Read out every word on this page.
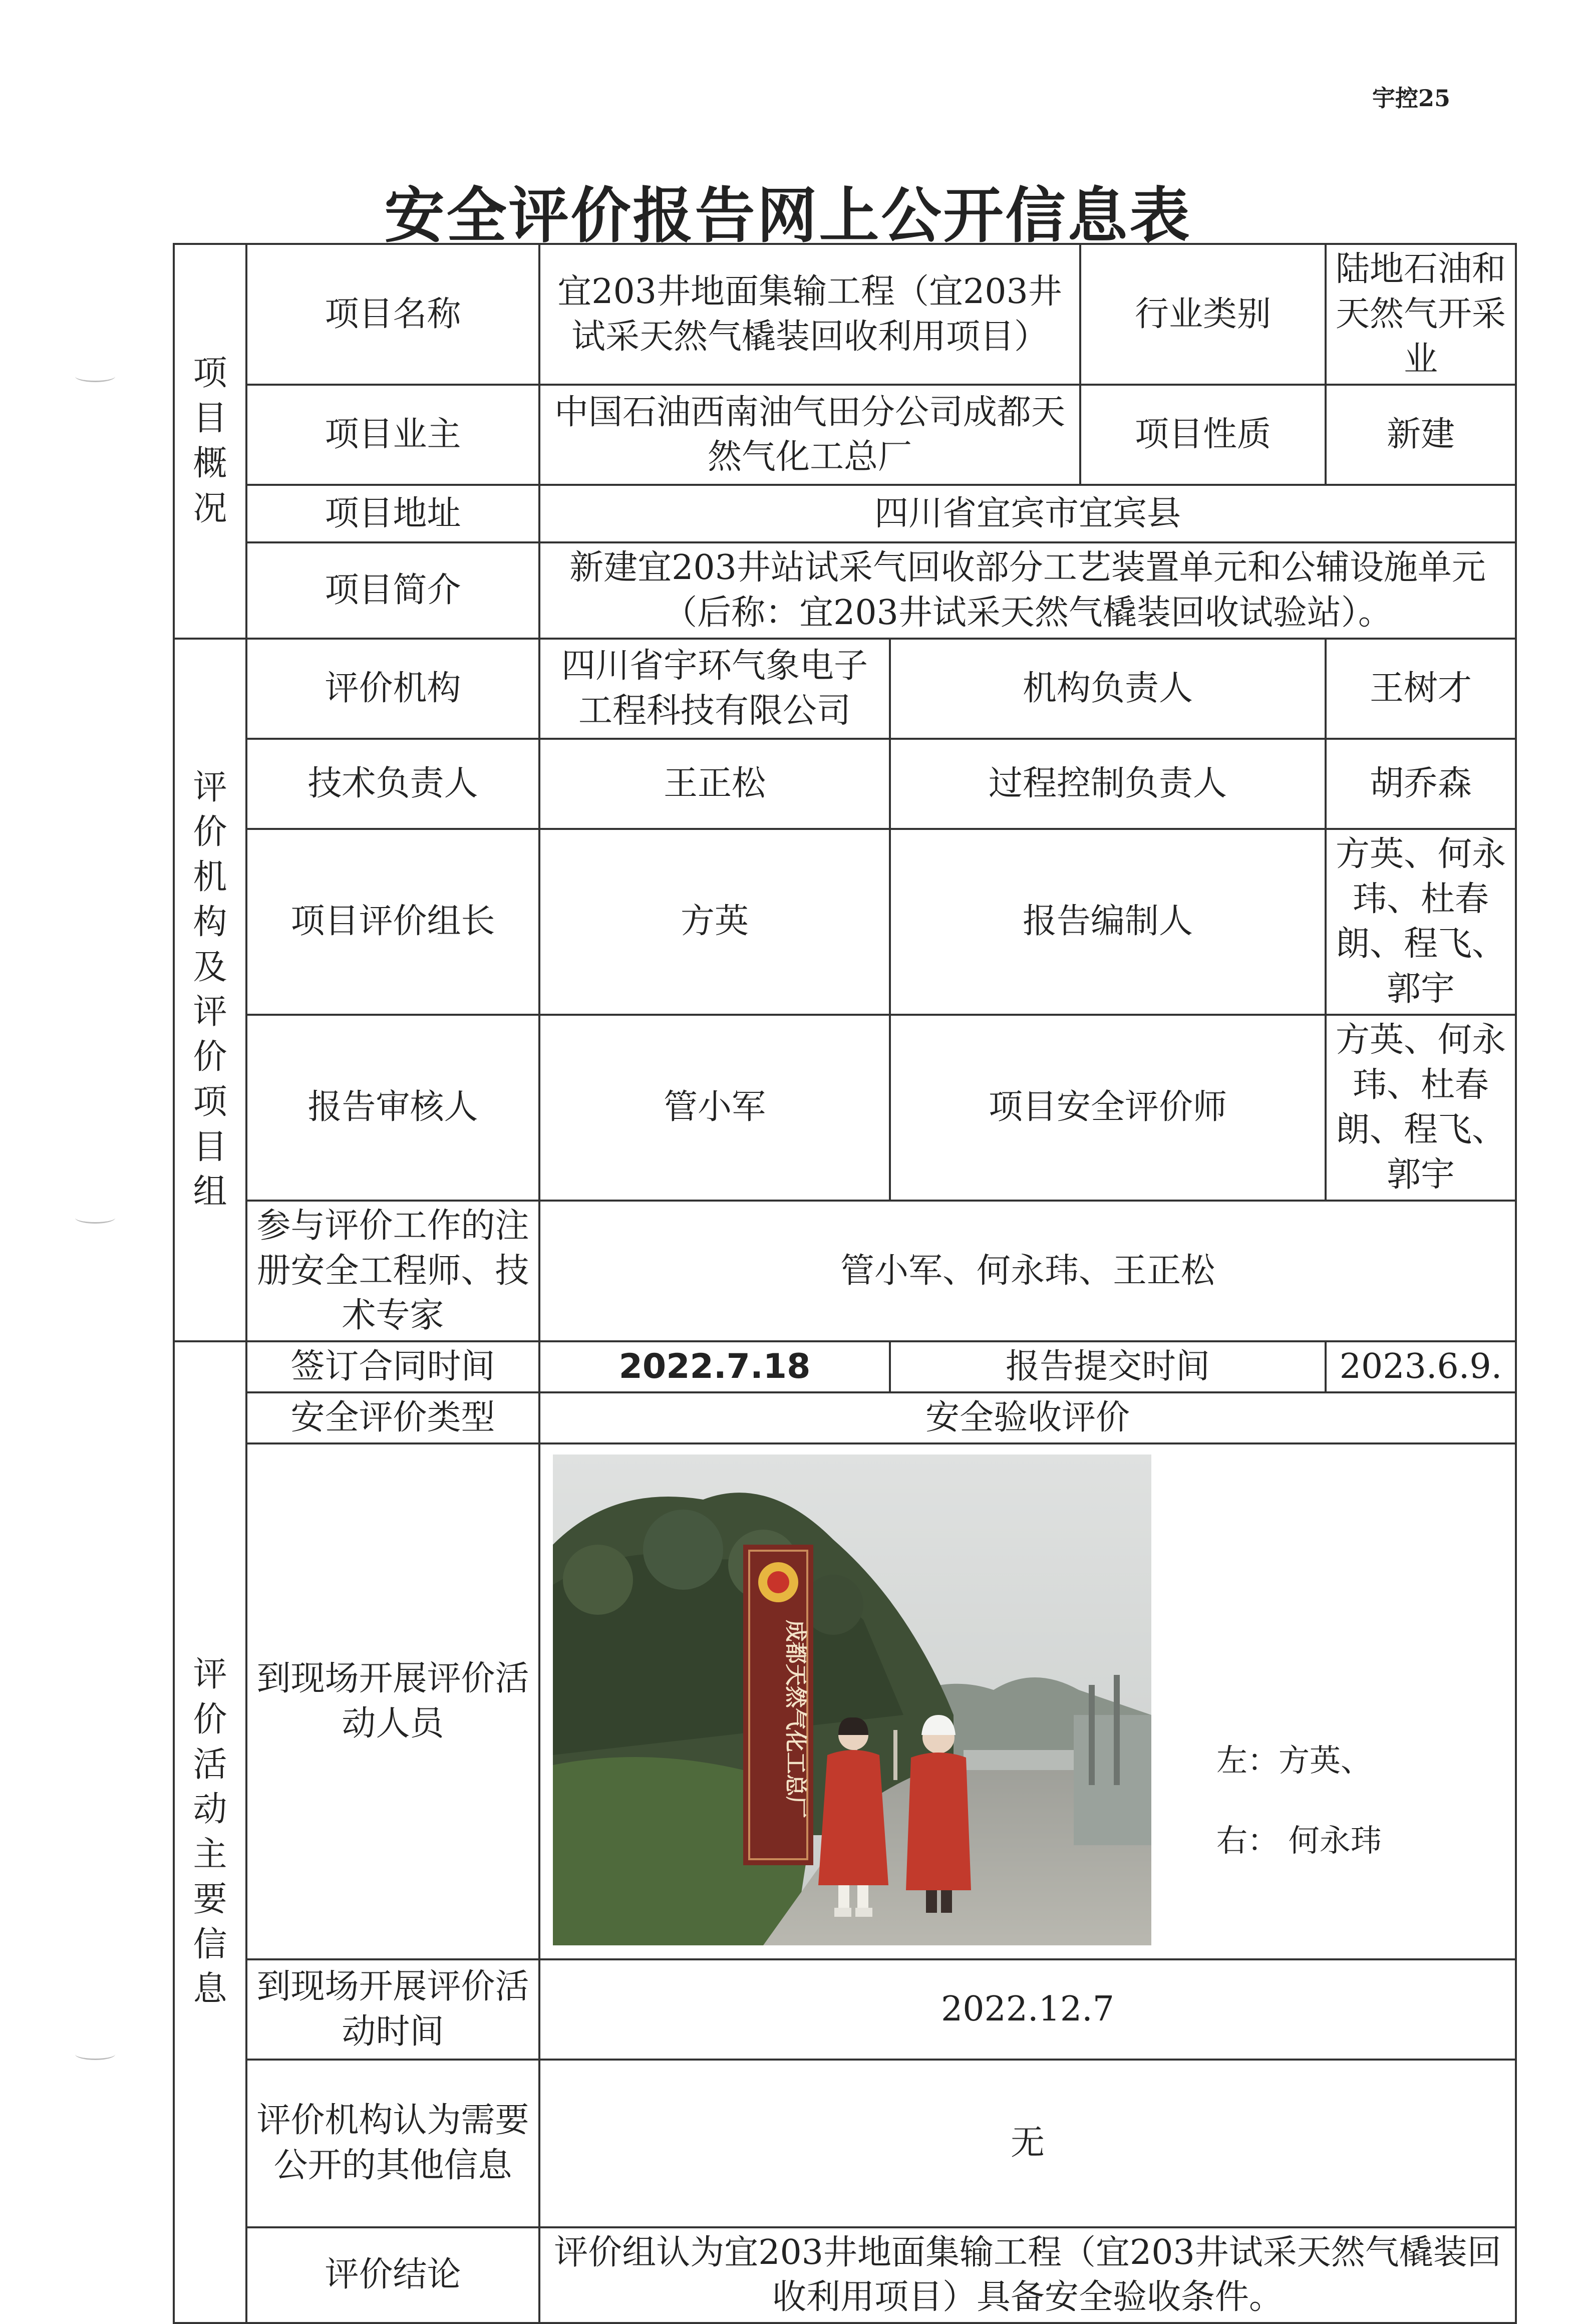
宇控25
安全评价报告网上公开信息表
项目概况	项目名称	宜203井地面集输工程（宜203井试采天然气橇装回收利用项目）		行业类别	陆地石油和天然气开采业
	项目业主	中国石油西南油气田分公司成都天然气化工总厂		项目性质	新建
	项目地址	四川省宜宾市宜宾县			
	项目简介	新建宜203井站试采气回收部分工艺装置单元和公辅设施单元（后称：宜203井试采天然气橇装回收试验站）。			
评价机构及评价项目组	评价机构	四川省宇环气象电子工程科技有限公司	机构负责人		王树才
	技术负责人	王正松	过程控制负责人		胡乔森
	项目评价组长	方英	报告编制人		方英、何永玮、杜春朗、程飞、郭宇
	报告审核人	管小军	项目安全评价师		方英、何永玮、杜春朗、程飞、郭宇
	参与评价工作的注册安全工程师、技术专家	管小军、何永玮、王正松			
评价活动主要信息	签订合同时间	2022.7.18	报告提交时间		2023.6.9.
	安全评价类型	安全验收评价			
	到现场开展评价活动人员	成都天然气化工总厂 左：方英、
右： 何永玮			

	到现场开展评价活动时间	2022.12.7			
	评价机构认为需要公开的其他信息	无			
	评价结论	评价组认为宜203井地面集输工程（宜203井试采天然气橇装回收利用项目）具备安全验收条件。			
